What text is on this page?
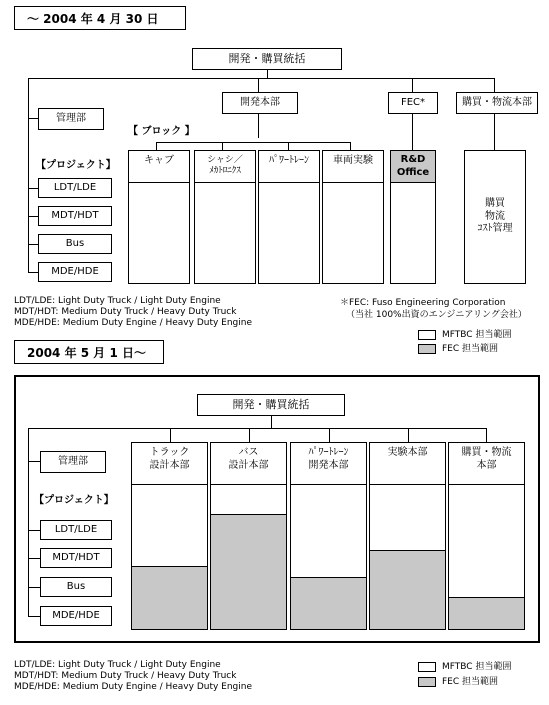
～ 2004 年 4 月 30 日
開発・購買統括
管理部
開発本部	FEC*	購買・物流本部
【 ブロック 】
【プロジェクト】
LDT/LDE
MDT/HDT
Bus
MDE/HDE
キャブ	シャシ／
ﾒｶﾄﾛﾆｸｽ
ﾊﾟﾜｰﾄﾚｰﾝ	車両実験	R&D
Office
購買
物流
ｺｽﾄ管理
LDT/LDE: Light Duty Truck / Light Duty Engine
MDT/HDT: Medium Duty Truck / Heavy Duty Truck
MDE/HDE: Medium Duty Engine / Heavy Duty Engine
＊FEC: Fuso Engineering Corporation
（当社 100%出資のエンジニアリング会社）
MFTBC 担当範囲
FEC 担当範囲
2004 年 5 月 1 日～
開発・購買統括
管理部
【プロジェクト】
LDT/LDE
MDT/HDT
Bus
MDE/HDE
トラック
設計本部
バス
設計本部
ﾊﾟﾜｰﾄﾚｰﾝ
開発本部
実験本部	購買・物流
本部
LDT/LDE: Light Duty Truck / Light Duty Engine
MDT/HDT: Medium Duty Truck / Heavy Duty Truck
MDE/HDE: Medium Duty Engine / Heavy Duty Engine
MFTBC 担当範囲
FEC 担当範囲
